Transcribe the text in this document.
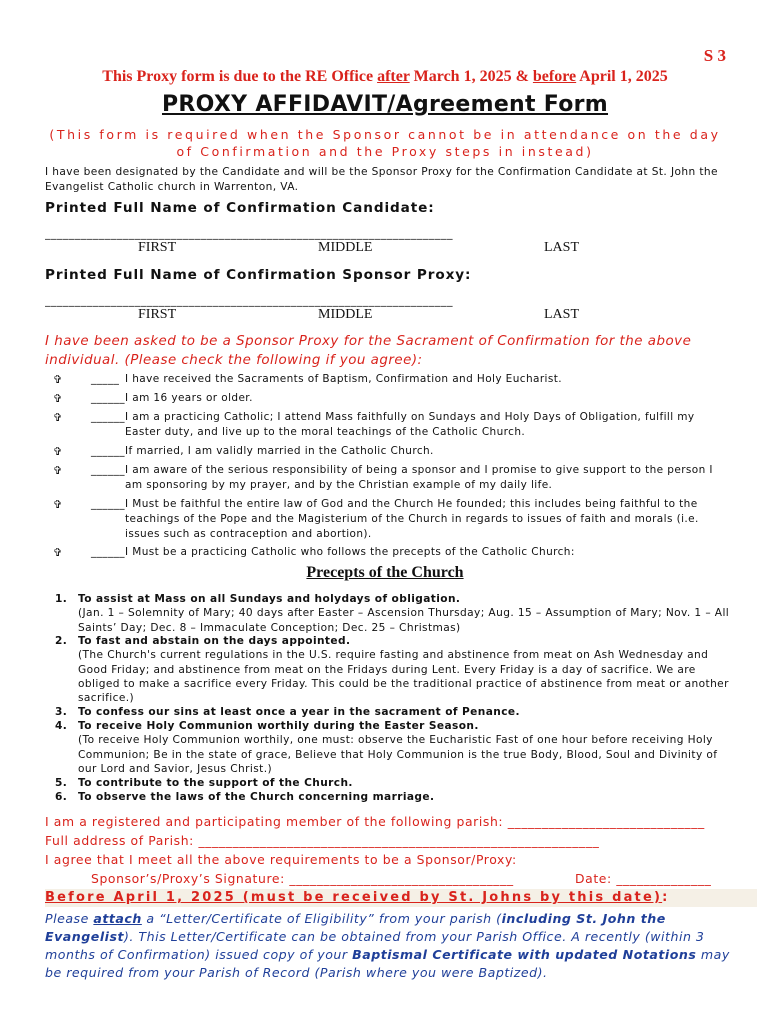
S 3
This Proxy form is due to the RE Office after March 1, 2025 & before April 1, 2025
PROXY AFFIDAVIT/Agreement Form
(This form is required when the Sponsor cannot be in attendance on the day of Confirmation and the Proxy steps in instead)
I have been designated by the Candidate and will be the Sponsor Proxy for the Confirmation Candidate at St. John the Evangelist Catholic church in Warrenton, VA.
Printed Full Name of Confirmation Candidate:
____________________________________________________________________
FIRST	MIDDLE	LAST
Printed Full Name of Confirmation Sponsor Proxy:
____________________________________________________________________
FIRST	MIDDLE	LAST
I have been asked to be a Sponsor Proxy for the Sacrament of Confirmation for the above individual. (Please check the following if you agree):
✞	_____ I have received the Sacraments of Baptism, Confirmation and Holy Eucharist.
✞	______ I am 16 years or older.
✞	______ I am a practicing Catholic; I attend Mass faithfully on Sundays and Holy Days of Obligation, fulfill my Easter duty, and live up to the moral teachings of the Catholic Church.
✞	______ If married, I am validly married in the Catholic Church.
✞	______ I am aware of the serious responsibility of being a sponsor and I promise to give support to the person I am sponsoring by my prayer, and by the Christian example of my daily life.
✞	______ I Must be faithful the entire law of God and the Church He founded; this includes being faithful to the teachings of the Pope and the Magisterium of the Church in regards to issues of faith and morals (i.e. issues such as contraception and abortion).
✞	______ I Must be a practicing Catholic who follows the precepts of the Catholic Church:
Precepts of the Church
1. To assist at Mass on all Sundays and holydays of obligation.
(Jan. 1 – Solemnity of Mary; 40 days after Easter – Ascension Thursday; Aug. 15 – Assumption of Mary; Nov. 1 – All Saints’ Day; Dec. 8 – Immaculate Conception; Dec. 25 – Christmas)
2. To fast and abstain on the days appointed.
(The Church's current regulations in the U.S. require fasting and abstinence from meat on Ash Wednesday and Good Friday; and abstinence from meat on the Fridays during Lent. Every Friday is a day of sacrifice. We are obliged to make a sacrifice every Friday. This could be the traditional practice of abstinence from meat or another sacrifice.)
3. To confess our sins at least once a year in the sacrament of Penance.
4. To receive Holy Communion worthily during the Easter Season.
(To receive Holy Communion worthily, one must: observe the Eucharistic Fast of one hour before receiving Holy Communion; Be in the state of grace, Believe that Holy Communion is the true Body, Blood, Soul and Divinity of our Lord and Savior, Jesus Christ.)
5. To contribute to the support of the Church.
6. To observe the laws of the Church concerning marriage.
I am a registered and participating member of the following parish: _____________________________
Full address of Parish: ___________________________________________________________
I agree that I meet all the above requirements to be a Sponsor/Proxy:
Sponsor’s/Proxy’s Signature: _________________________________	Date: ______________
Before April 1, 2025 (must be received by St. Johns by this date):
Please attach a “Letter/Certificate of Eligibility” from your parish (including St. John the Evangelist). This Letter/Certificate can be obtained from your Parish Office. A recently (within 3 months of Confirmation) issued copy of your Baptismal Certificate with updated Notations may be required from your Parish of Record (Parish where you were Baptized).
